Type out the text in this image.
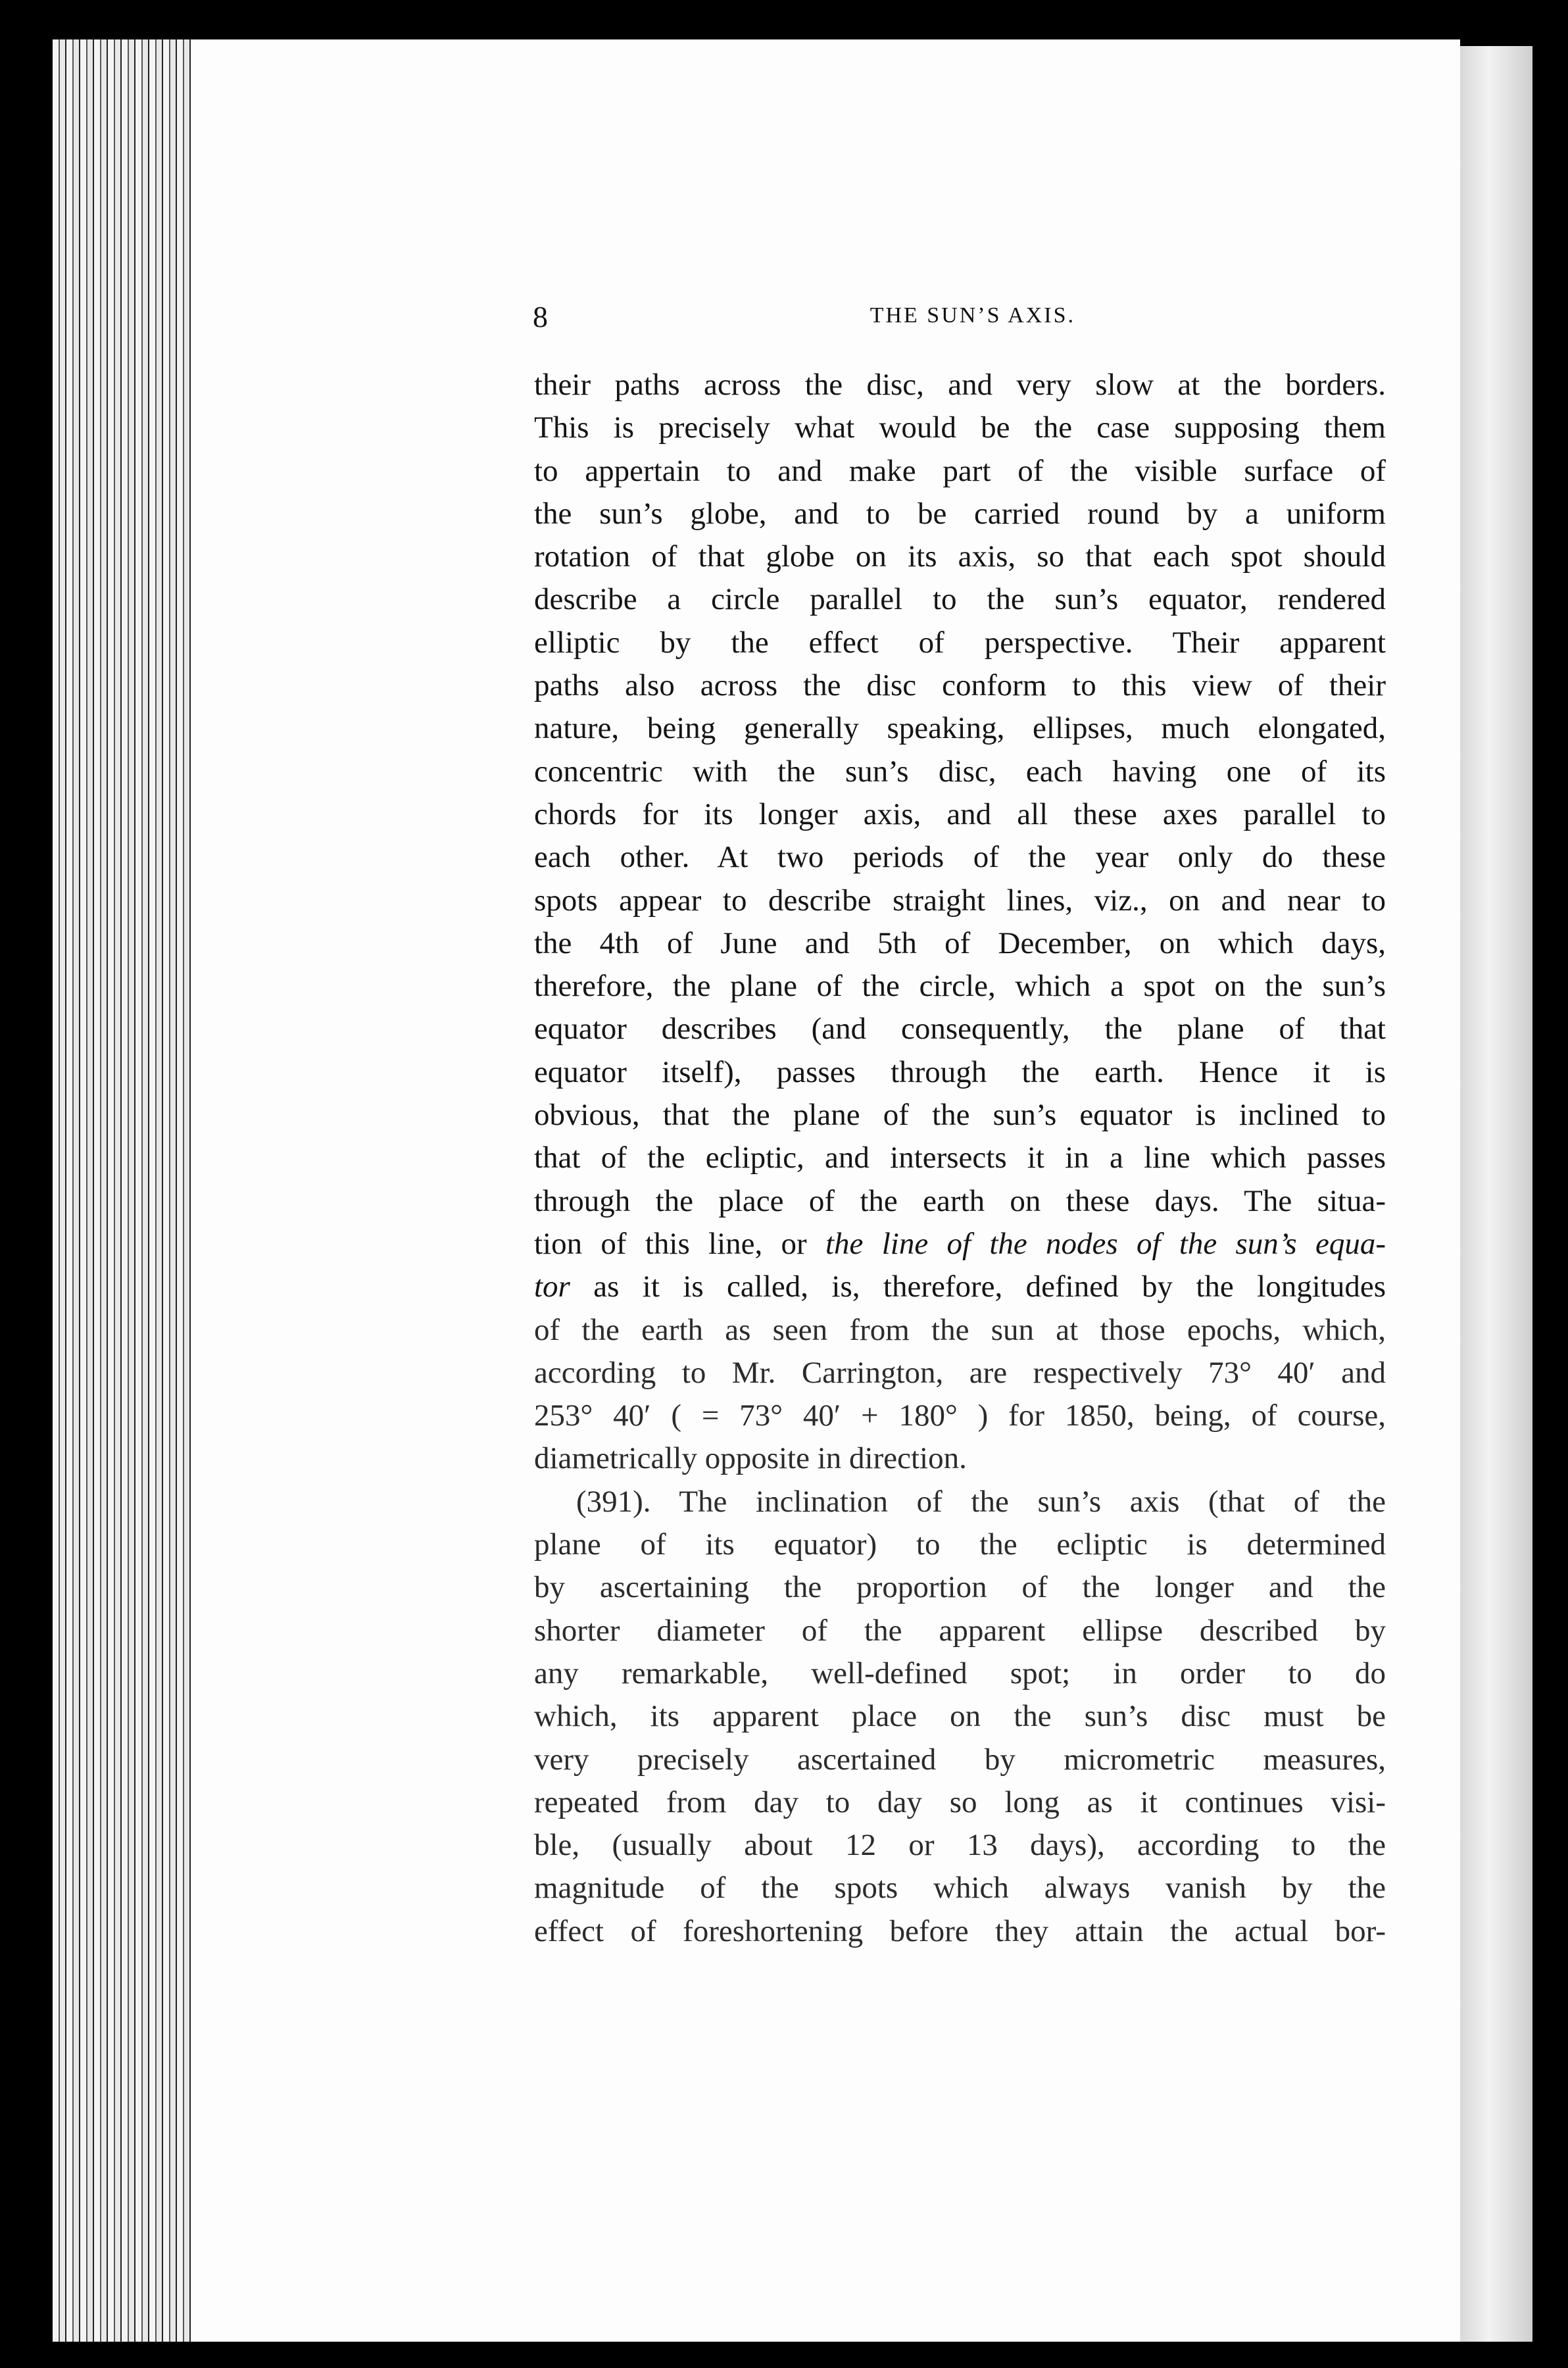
8	THE SUN’S AXIS.
their paths across the disc, and very slow at the borders.
This is precisely what would be the case supposing them
to appertain to and make part of the visible surface of
the sun’s globe, and to be carried round by a uniform
rotation of that globe on its axis, so that each spot should
describe a circle parallel to the sun’s equator, rendered
elliptic by the effect of perspective. Their apparent
paths also across the disc conform to this view of their
nature, being generally speaking, ellipses, much elongated,
concentric with the sun’s disc, each having one of its
chords for its longer axis, and all these axes parallel to
each other. At two periods of the year only do these
spots appear to describe straight lines, viz., on and near to
the 4th of June and 5th of December, on which days,
therefore, the plane of the circle, which a spot on the sun’s
equator describes (and consequently, the plane of that
equator itself), passes through the earth. Hence it is
obvious, that the plane of the sun’s equator is inclined to
that of the ecliptic, and intersects it in a line which passes
through the place of the earth on these days. The situa-
tion of this line, or the line of the nodes of the sun’s equa-
tor as it is called, is, therefore, defined by the longitudes
of the earth as seen from the sun at those epochs, which,
according to Mr. Carrington, are respectively 73° 40′ and
253° 40′ ( = 73° 40′ + 180° ) for 1850, being, of course,
diametrically opposite in direction.
(391). The inclination of the sun’s axis (that of the
plane of its equator) to the ecliptic is determined
by ascertaining the proportion of the longer and the
shorter diameter of the apparent ellipse described by
any remarkable, well-defined spot; in order to do
which, its apparent place on the sun’s disc must be
very precisely ascertained by micrometric measures,
repeated from day to day so long as it continues visi-
ble, (usually about 12 or 13 days), according to the
magnitude of the spots which always vanish by the
effect of foreshortening before they attain the actual bor-
